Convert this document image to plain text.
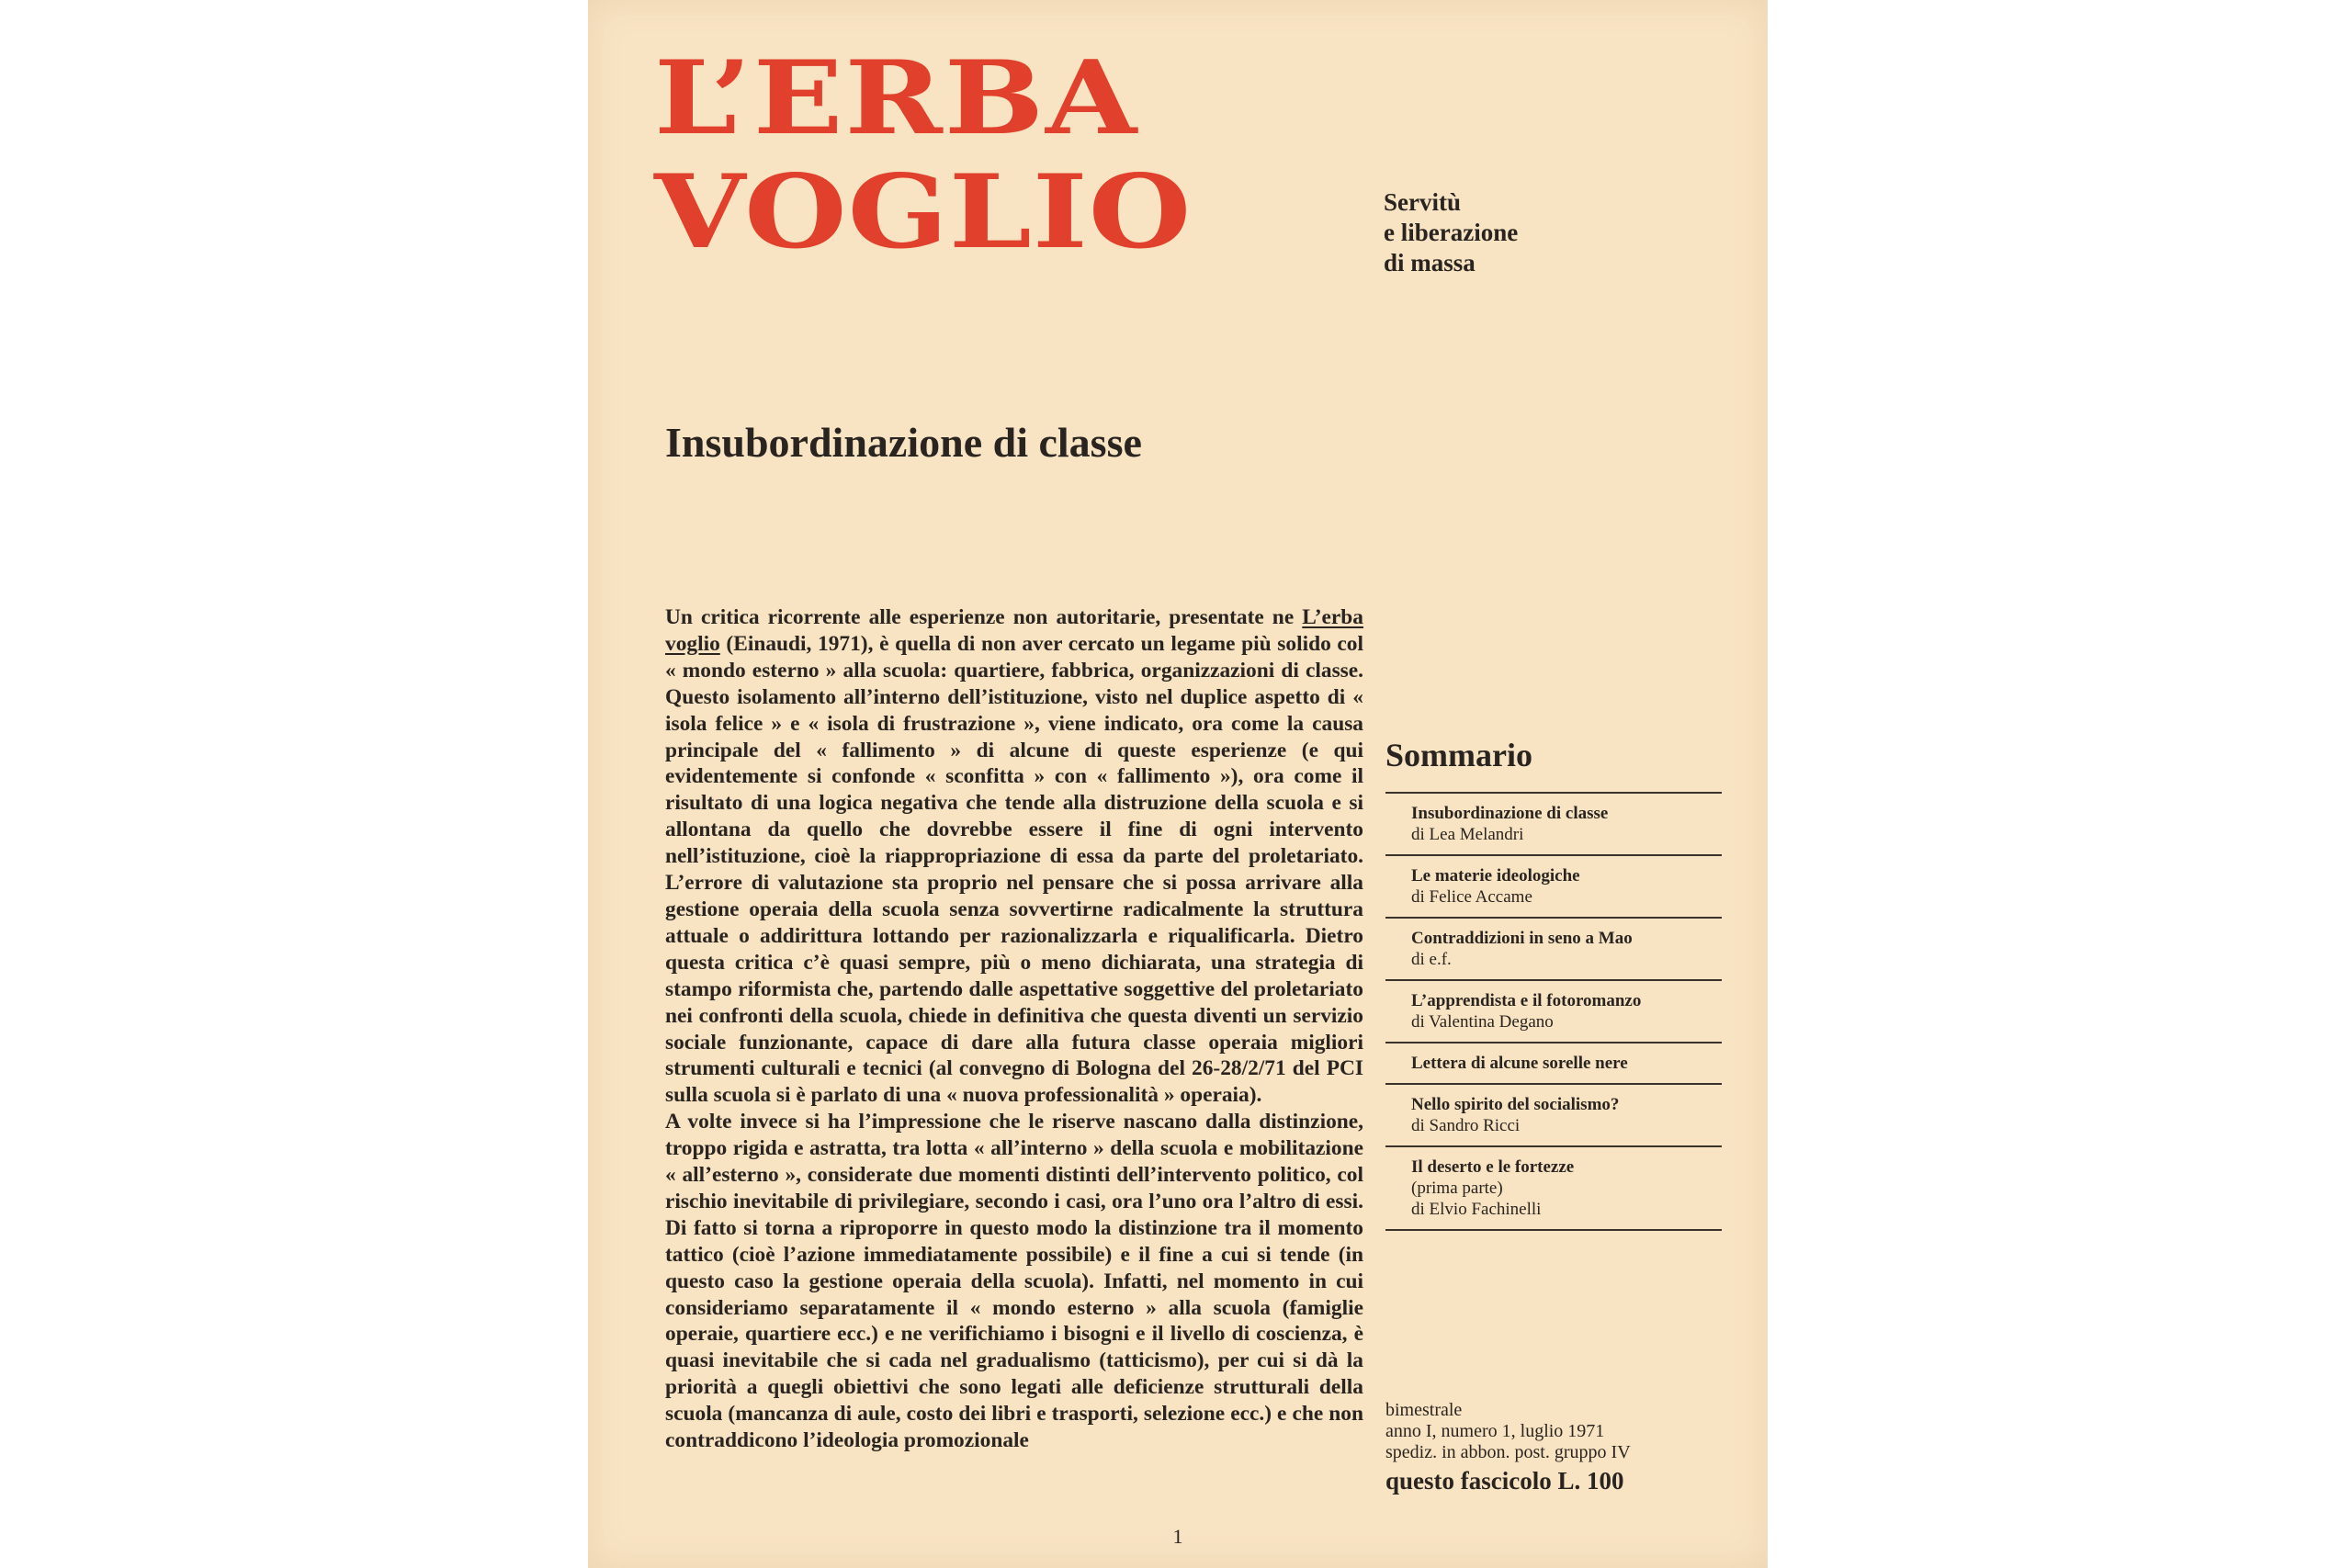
L’ERBA
VOGLIO	Servitù
e liberazione
di massa
Insubordinazione di classe

Un critica ricorrente alle esperienze non autoritarie, presentate ne L’erba voglio (Einaudi, 1971), è quella di non aver cercato un legame più solido col « mondo esterno » alla scuola: quartiere, fabbrica, organizzazioni di classe. Questo isolamento all’interno dell’istituzione, visto nel duplice aspetto di « isola felice » e « isola di frustrazione », viene indicato, ora come la causa principale del « fallimento » di alcune di queste esperienze (e qui evidentemente si confonde « sconfitta » con « fallimento »), ora come il risultato di una logica negativa che tende alla distruzione della scuola e si allontana da quello che dovrebbe essere il fine di ogni intervento nell’istituzione, cioè la riappropriazione di essa da parte del proletariato. L’errore di valutazione sta proprio nel pensare che si possa arrivare alla gestione operaia della scuola senza sovvertirne radicalmente la struttura attuale o addirittura lottando per razionalizzarla e riqualificarla. Dietro questa critica c’è quasi sempre, più o meno dichiarata, una strategia di stampo riformista che, partendo dalle aspettative soggettive del proletariato nei confronti della scuola, chiede in definitiva che questa diventi un servizio sociale funzionante, capace di dare alla futura classe operaia migliori strumenti culturali e tecnici (al convegno di Bologna del 26-28/2/71 del PCI sulla scuola si è parlato di una « nuova professionalità » operaia).

A volte invece si ha l’impressione che le riserve nascano dalla distinzione, troppo rigida e astratta, tra lotta « all’interno » della scuola e mobilitazione « all’esterno », considerate due momenti distinti dell’intervento politico, col rischio inevitabile di privilegiare, secondo i casi, ora l’uno ora l’altro di essi. Di fatto si torna a riproporre in questo modo la distinzione tra il momento tattico (cioè l’azione immediatamente possibile) e il fine a cui si tende (in questo caso la gestione operaia della scuola). Infatti, nel momento in cui consideriamo separatamente il « mondo esterno » alla scuola (famiglie operaie, quartiere ecc.) e ne verifichiamo i bisogni e il livello di coscienza, è quasi inevitabile che si cada nel gradualismo (tatticismo), per cui si dà la priorità a quegli obiettivi che sono legati alle deficienze strutturali della scuola (mancanza di aule, costo dei libri e trasporti, selezione ecc.) e che non contraddicono l’ideologia promozionale

Sommario
Insubordinazione di classe
di Lea Melandri
Le materie ideologiche
di Felice Accame
Contraddizioni in seno a Mao
di e.f.
L’apprendista e il fotoromanzo
di Valentina Degano
Lettera di alcune sorelle nere
Nello spirito del socialismo?
di Sandro Ricci
Il deserto e le fortezze
(prima parte)
di Elvio Fachinelli
bimestrale
anno I, numero 1, luglio 1971
spediz. in abbon. post. gruppo IV
questo fascicolo L. 100
1
